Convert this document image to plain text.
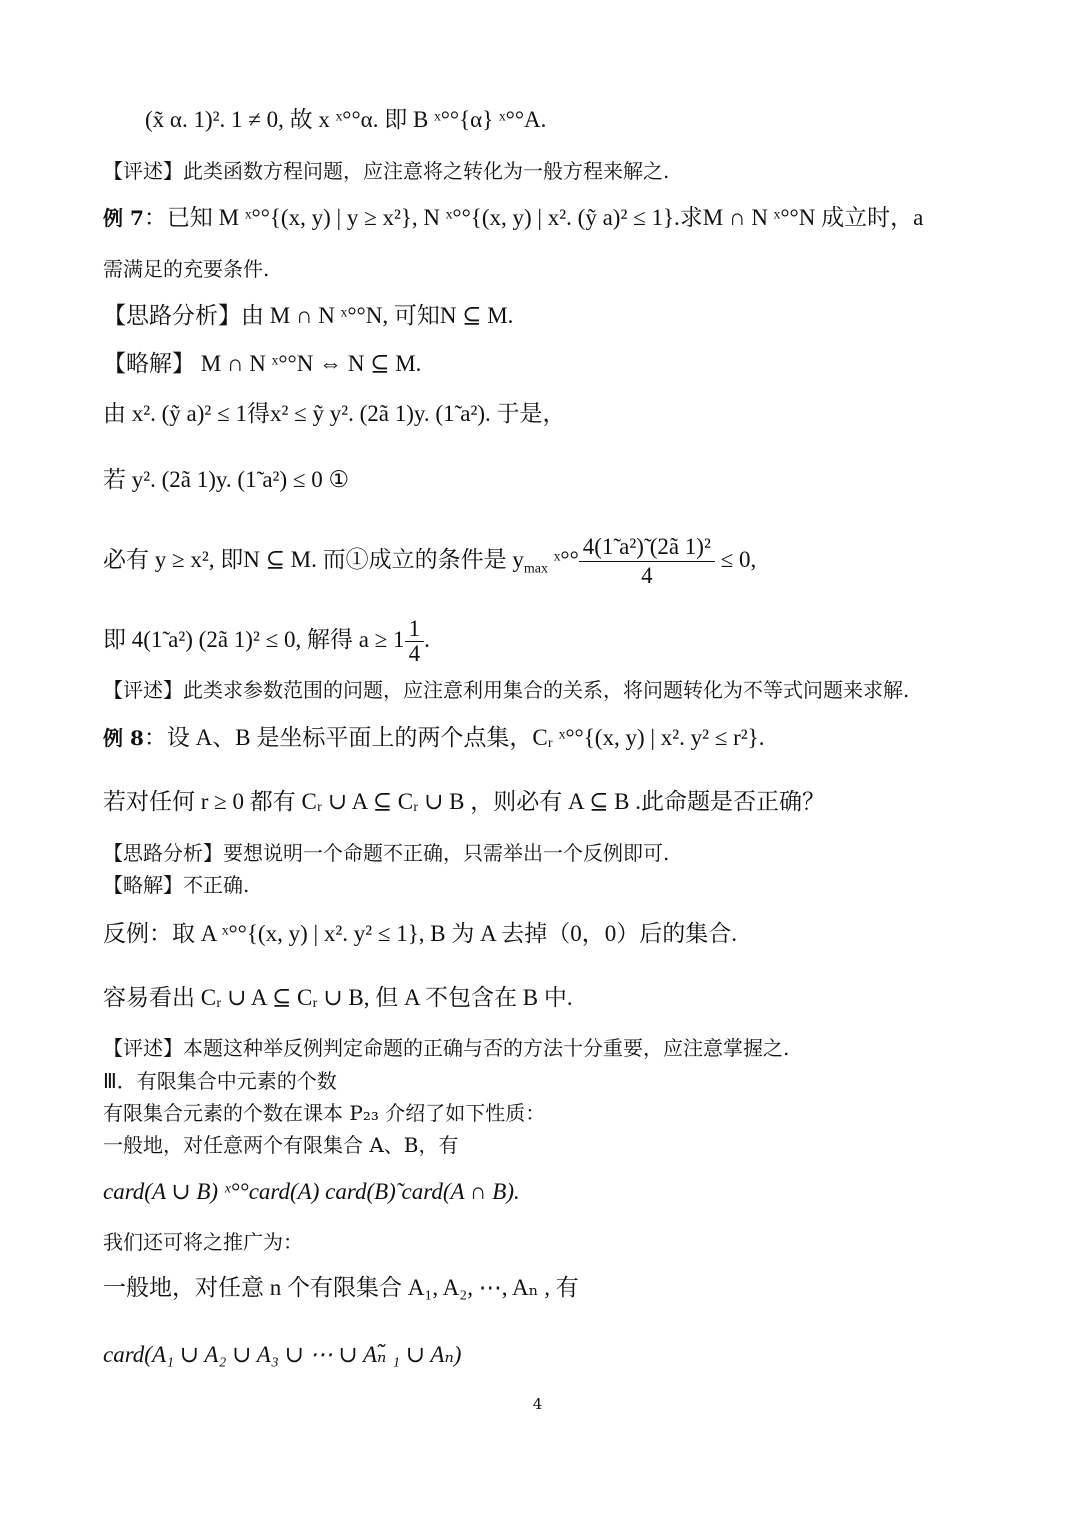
(x̃ α. 1)². 1 ≠ 0, 故 x ˣ°°α. 即 B ˣ°°{α} ˣ°°A.
【评述】此类函数方程问题，应注意将之转化为一般方程来解之.
例 7：已知 M ˣ°°{(x, y) | y ≥ x²}, N ˣ°°{(x, y) | x². (ỹ a)² ≤ 1}.求M ∩ N ˣ°°N 成立时，a
需满足的充要条件.
【思路分析】由 M ∩ N ˣ°°N, 可知N ⊆ M.
【略解】 M ∩ N ˣ°°N ⇔ N ⊆ M.
由 x². (ỹ a)² ≤ 1得x² ≤ ỹ y². (2ã 1)y. (1̃ a²). 于是，
若 y². (2ã 1)y. (1̃ a²) ≤ 0 ①
必有 y ≥ x², 即N ⊆ M. 而①成立的条件是 $y_{max}$ ˣ°° $\frac{\text{4(1̃ a²)̃ (2ã 1)²}}{4} \le 0$,
即 4(1̃ a²) (2ã 1)² ≤ 0, 解得 $a \ge 1 \frac{1}{4}$ .
【评述】此类求参数范围的问题，应注意利用集合的关系，将问题转化为不等式问题来求解.
例 8：设 A、B 是坐标平面上的两个点集，Cᵣ ˣ°°{(x, y) | x². y² ≤ r²}.
若对任何 r ≥ 0 都有 Cᵣ ∪ A ⊆ Cᵣ ∪ B ，则必有 A ⊆ B .此命题是否正确？
【思路分析】要想说明一个命题不正确，只需举出一个反例即可.
【略解】不正确.
反例：取 A ˣ°°{(x, y) | x². y² ≤ 1}, B 为 A 去掉（0，0）后的集合.
容易看出 Cᵣ ∪ A ⊆ Cᵣ ∪ B, 但 A 不包含在 B 中.
【评述】本题这种举反例判定命题的正确与否的方法十分重要，应注意掌握之.
Ⅲ．有限集合中元素的个数
有限集合元素的个数在课本 P₂₃ 介绍了如下性质：
一般地，对任意两个有限集合 A、B，有
card(A ∪ B) ˣ°°card(A) card(B)̃ card(A ∩ B).
我们还可将之推广为：
一般地，对任意 n 个有限集合 A₁, A₂, ⋯, Aₙ , 有
card(A₁ ∪ A₂ ∪ A₃ ∪ ⋯ ∪ Aₙ̃ ₁ ∪ Aₙ)
4
